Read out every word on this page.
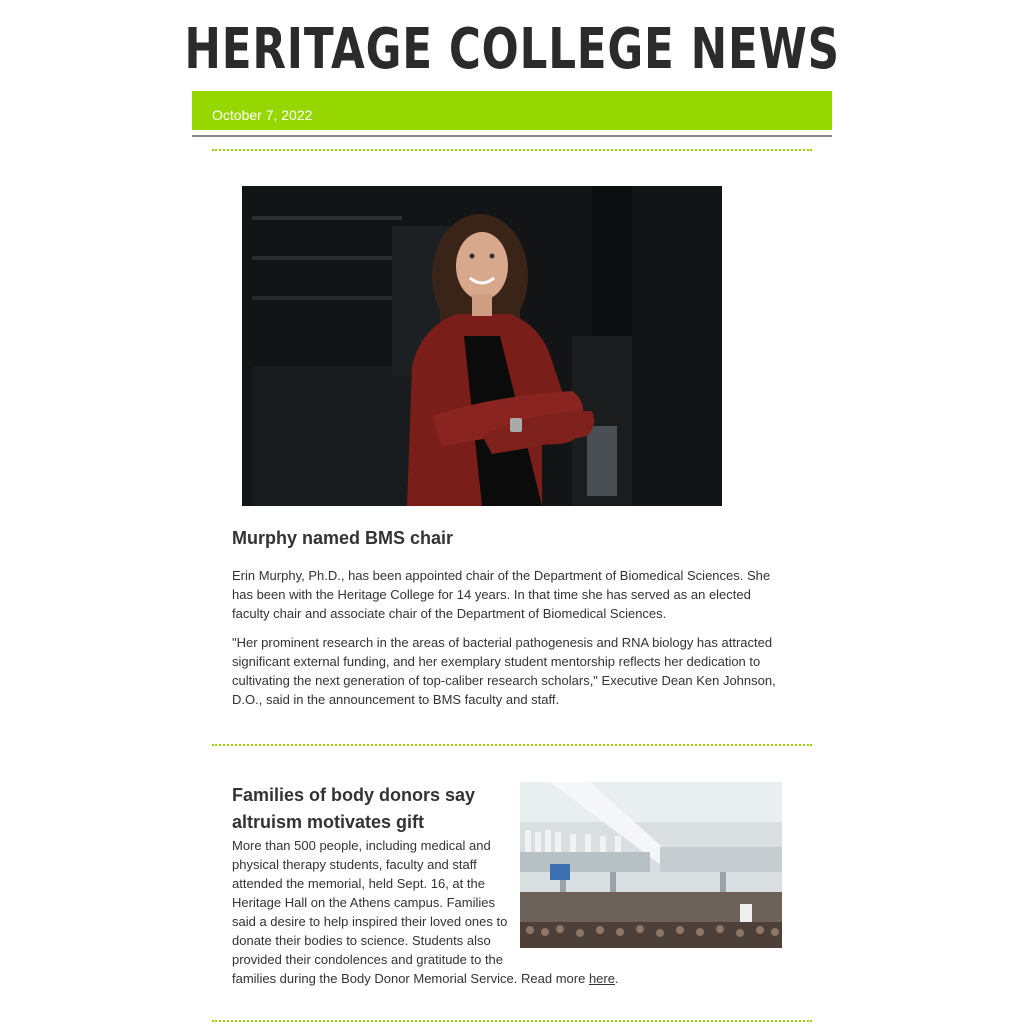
HERITAGE COLLEGE NEWS
October 7, 2022
Murphy named BMS chair

Erin Murphy, Ph.D., has been appointed chair of the Department of Biomedical Sciences. She has been with the Heritage College for 14 years. In that time she has served as an elected faculty chair and associate chair of the Department of Biomedical Sciences.

"Her prominent research in the areas of bacterial pathogenesis and RNA biology has attracted significant external funding, and her exemplary student mentorship reflects her dedication to cultivating the next generation of top-caliber research scholars," Executive Dean Ken Johnson, D.O., said in the announcement to BMS faculty and staff.

Families of body donors say altruism motivates gift

More than 500 people, including medical and physical therapy students, faculty and staff attended the memorial, held Sept. 16, at the Heritage Hall on the Athens campus. Families said a desire to help inspired their loved ones to donate their bodies to science. Students also provided their condolences and gratitude to the families during the Body Donor Memorial Service. Read more here.
